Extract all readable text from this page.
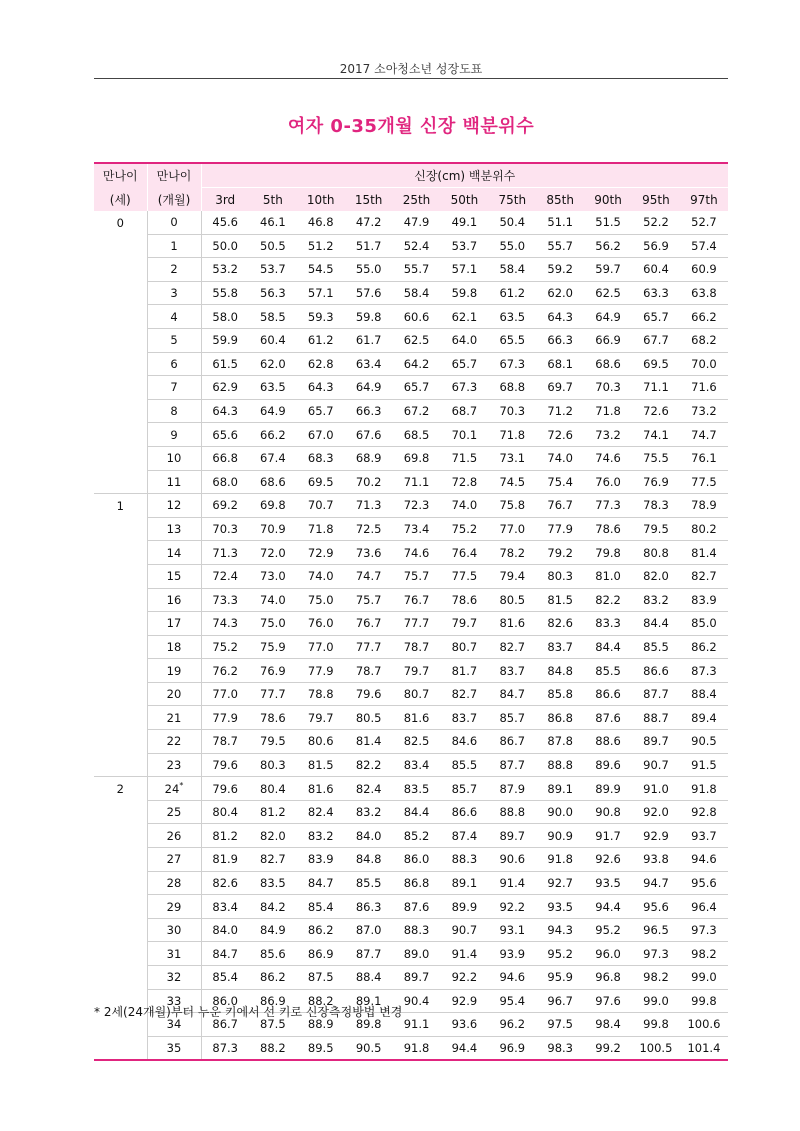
2017 소아청소년 성장도표
여자 0-35개월 신장 백분위수
만나이	만나이	신장(cm) 백분위수										
(세)	(개월)	3rd	5th	10th	15th	25th	50th	75th	85th	90th	95th	97th
0	0	45.6	46.1	46.8	47.2	47.9	49.1	50.4	51.1	51.5	52.2	52.7
	1	50.0	50.5	51.2	51.7	52.4	53.7	55.0	55.7	56.2	56.9	57.4
	2	53.2	53.7	54.5	55.0	55.7	57.1	58.4	59.2	59.7	60.4	60.9
	3	55.8	56.3	57.1	57.6	58.4	59.8	61.2	62.0	62.5	63.3	63.8
	4	58.0	58.5	59.3	59.8	60.6	62.1	63.5	64.3	64.9	65.7	66.2
	5	59.9	60.4	61.2	61.7	62.5	64.0	65.5	66.3	66.9	67.7	68.2
	6	61.5	62.0	62.8	63.4	64.2	65.7	67.3	68.1	68.6	69.5	70.0
	7	62.9	63.5	64.3	64.9	65.7	67.3	68.8	69.7	70.3	71.1	71.6
	8	64.3	64.9	65.7	66.3	67.2	68.7	70.3	71.2	71.8	72.6	73.2
	9	65.6	66.2	67.0	67.6	68.5	70.1	71.8	72.6	73.2	74.1	74.7
	10	66.8	67.4	68.3	68.9	69.8	71.5	73.1	74.0	74.6	75.5	76.1
	11	68.0	68.6	69.5	70.2	71.1	72.8	74.5	75.4	76.0	76.9	77.5
1	12	69.2	69.8	70.7	71.3	72.3	74.0	75.8	76.7	77.3	78.3	78.9
	13	70.3	70.9	71.8	72.5	73.4	75.2	77.0	77.9	78.6	79.5	80.2
	14	71.3	72.0	72.9	73.6	74.6	76.4	78.2	79.2	79.8	80.8	81.4
	15	72.4	73.0	74.0	74.7	75.7	77.5	79.4	80.3	81.0	82.0	82.7
	16	73.3	74.0	75.0	75.7	76.7	78.6	80.5	81.5	82.2	83.2	83.9
	17	74.3	75.0	76.0	76.7	77.7	79.7	81.6	82.6	83.3	84.4	85.0
	18	75.2	75.9	77.0	77.7	78.7	80.7	82.7	83.7	84.4	85.5	86.2
	19	76.2	76.9	77.9	78.7	79.7	81.7	83.7	84.8	85.5	86.6	87.3
	20	77.0	77.7	78.8	79.6	80.7	82.7	84.7	85.8	86.6	87.7	88.4
	21	77.9	78.6	79.7	80.5	81.6	83.7	85.7	86.8	87.6	88.7	89.4
	22	78.7	79.5	80.6	81.4	82.5	84.6	86.7	87.8	88.6	89.7	90.5
	23	79.6	80.3	81.5	82.2	83.4	85.5	87.7	88.8	89.6	90.7	91.5
2	24*	79.6	80.4	81.6	82.4	83.5	85.7	87.9	89.1	89.9	91.0	91.8
	25	80.4	81.2	82.4	83.2	84.4	86.6	88.8	90.0	90.8	92.0	92.8
	26	81.2	82.0	83.2	84.0	85.2	87.4	89.7	90.9	91.7	92.9	93.7
	27	81.9	82.7	83.9	84.8	86.0	88.3	90.6	91.8	92.6	93.8	94.6
	28	82.6	83.5	84.7	85.5	86.8	89.1	91.4	92.7	93.5	94.7	95.6
	29	83.4	84.2	85.4	86.3	87.6	89.9	92.2	93.5	94.4	95.6	96.4
	30	84.0	84.9	86.2	87.0	88.3	90.7	93.1	94.3	95.2	96.5	97.3
	31	84.7	85.6	86.9	87.7	89.0	91.4	93.9	95.2	96.0	97.3	98.2
	32	85.4	86.2	87.5	88.4	89.7	92.2	94.6	95.9	96.8	98.2	99.0
	33	86.0	86.9	88.2	89.1	90.4	92.9	95.4	96.7	97.6	99.0	99.8
	34	86.7	87.5	88.9	89.8	91.1	93.6	96.2	97.5	98.4	99.8	100.6
	35	87.3	88.2	89.5	90.5	91.8	94.4	96.9	98.3	99.2	100.5	101.4
* 2세(24개월)부터 누운 키에서 선 키로 신장측정방법 변경
